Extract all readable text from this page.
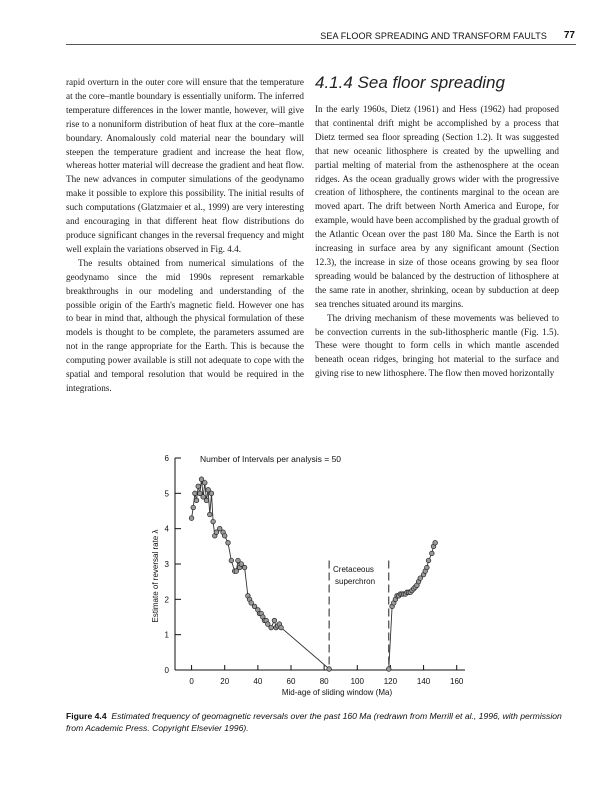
SEA FLOOR SPREADING AND TRANSFORM FAULTS 77

rapid overturn in the outer core will ensure that the temperature at the core–mantle boundary is essentially uniform. The inferred temperature differences in the lower mantle, however, will give rise to a nonuniform distribution of heat flux at the core–mantle boundary. Anomalously cold material near the boundary will steepen the temperature gradient and increase the heat flow, whereas hotter material will decrease the gradient and heat flow. The new advances in computer simulations of the geodynamo make it possible to explore this possibility. The initial results of such computations (Glatzmaier et al., 1999) are very interesting and encouraging in that different heat flow distributions do produce significant changes in the reversal frequency and might well explain the variations observed in Fig. 4.4.

The results obtained from numerical simulations of the geodynamo since the mid 1990s represent remarkable breakthroughs in our modeling and understanding of the possible origin of the Earth's magnetic field. However one has to bear in mind that, although the physical formulation of these models is thought to be complete, the parameters assumed are not in the range appropriate for the Earth. This is because the computing power available is still not adequate to cope with the spatial and temporal resolution that would be required in the integrations.

4.1.4 Sea floor spreading

In the early 1960s, Dietz (1961) and Hess (1962) had proposed that continental drift might be accomplished by a process that Dietz termed sea floor spreading (Section 1.2). It was suggested that new oceanic lithosphere is created by the upwelling and partial melting of material from the asthenosphere at the ocean ridges. As the ocean gradually grows wider with the progressive creation of lithosphere, the continents marginal to the ocean are moved apart. The drift between North America and Europe, for example, would have been accomplished by the gradual growth of the Atlantic Ocean over the past 180 Ma. Since the Earth is not increasing in surface area by any significant amount (Section 12.3), the increase in size of those oceans growing by sea floor spreading would be balanced by the destruction of lithosphere at the same rate in another, shrinking, ocean by subduction at deep sea trenches situated around its margins.

The driving mechanism of these movements was believed to be convection currents in the sub-lithospheric mantle (Fig. 1.5). These were thought to form cells in which mantle ascended beneath ocean ridges, bringing hot material to the surface and giving rise to new lithosphere. The flow then moved horizontally

0
1
2
3
4
5
6
0	20	40	60	80	100 120 140 160
Number of Intervals per analysis = 50
Mid-age of sliding window (Ma)
Estimate of reversal rate λ	Cretaceous
superchron
Figure 4.4 Estimated frequency of geomagnetic reversals over the past 160 Ma (redrawn from Merrill et al., 1996, with permission from Academic Press. Copyright Elsevier 1996).
